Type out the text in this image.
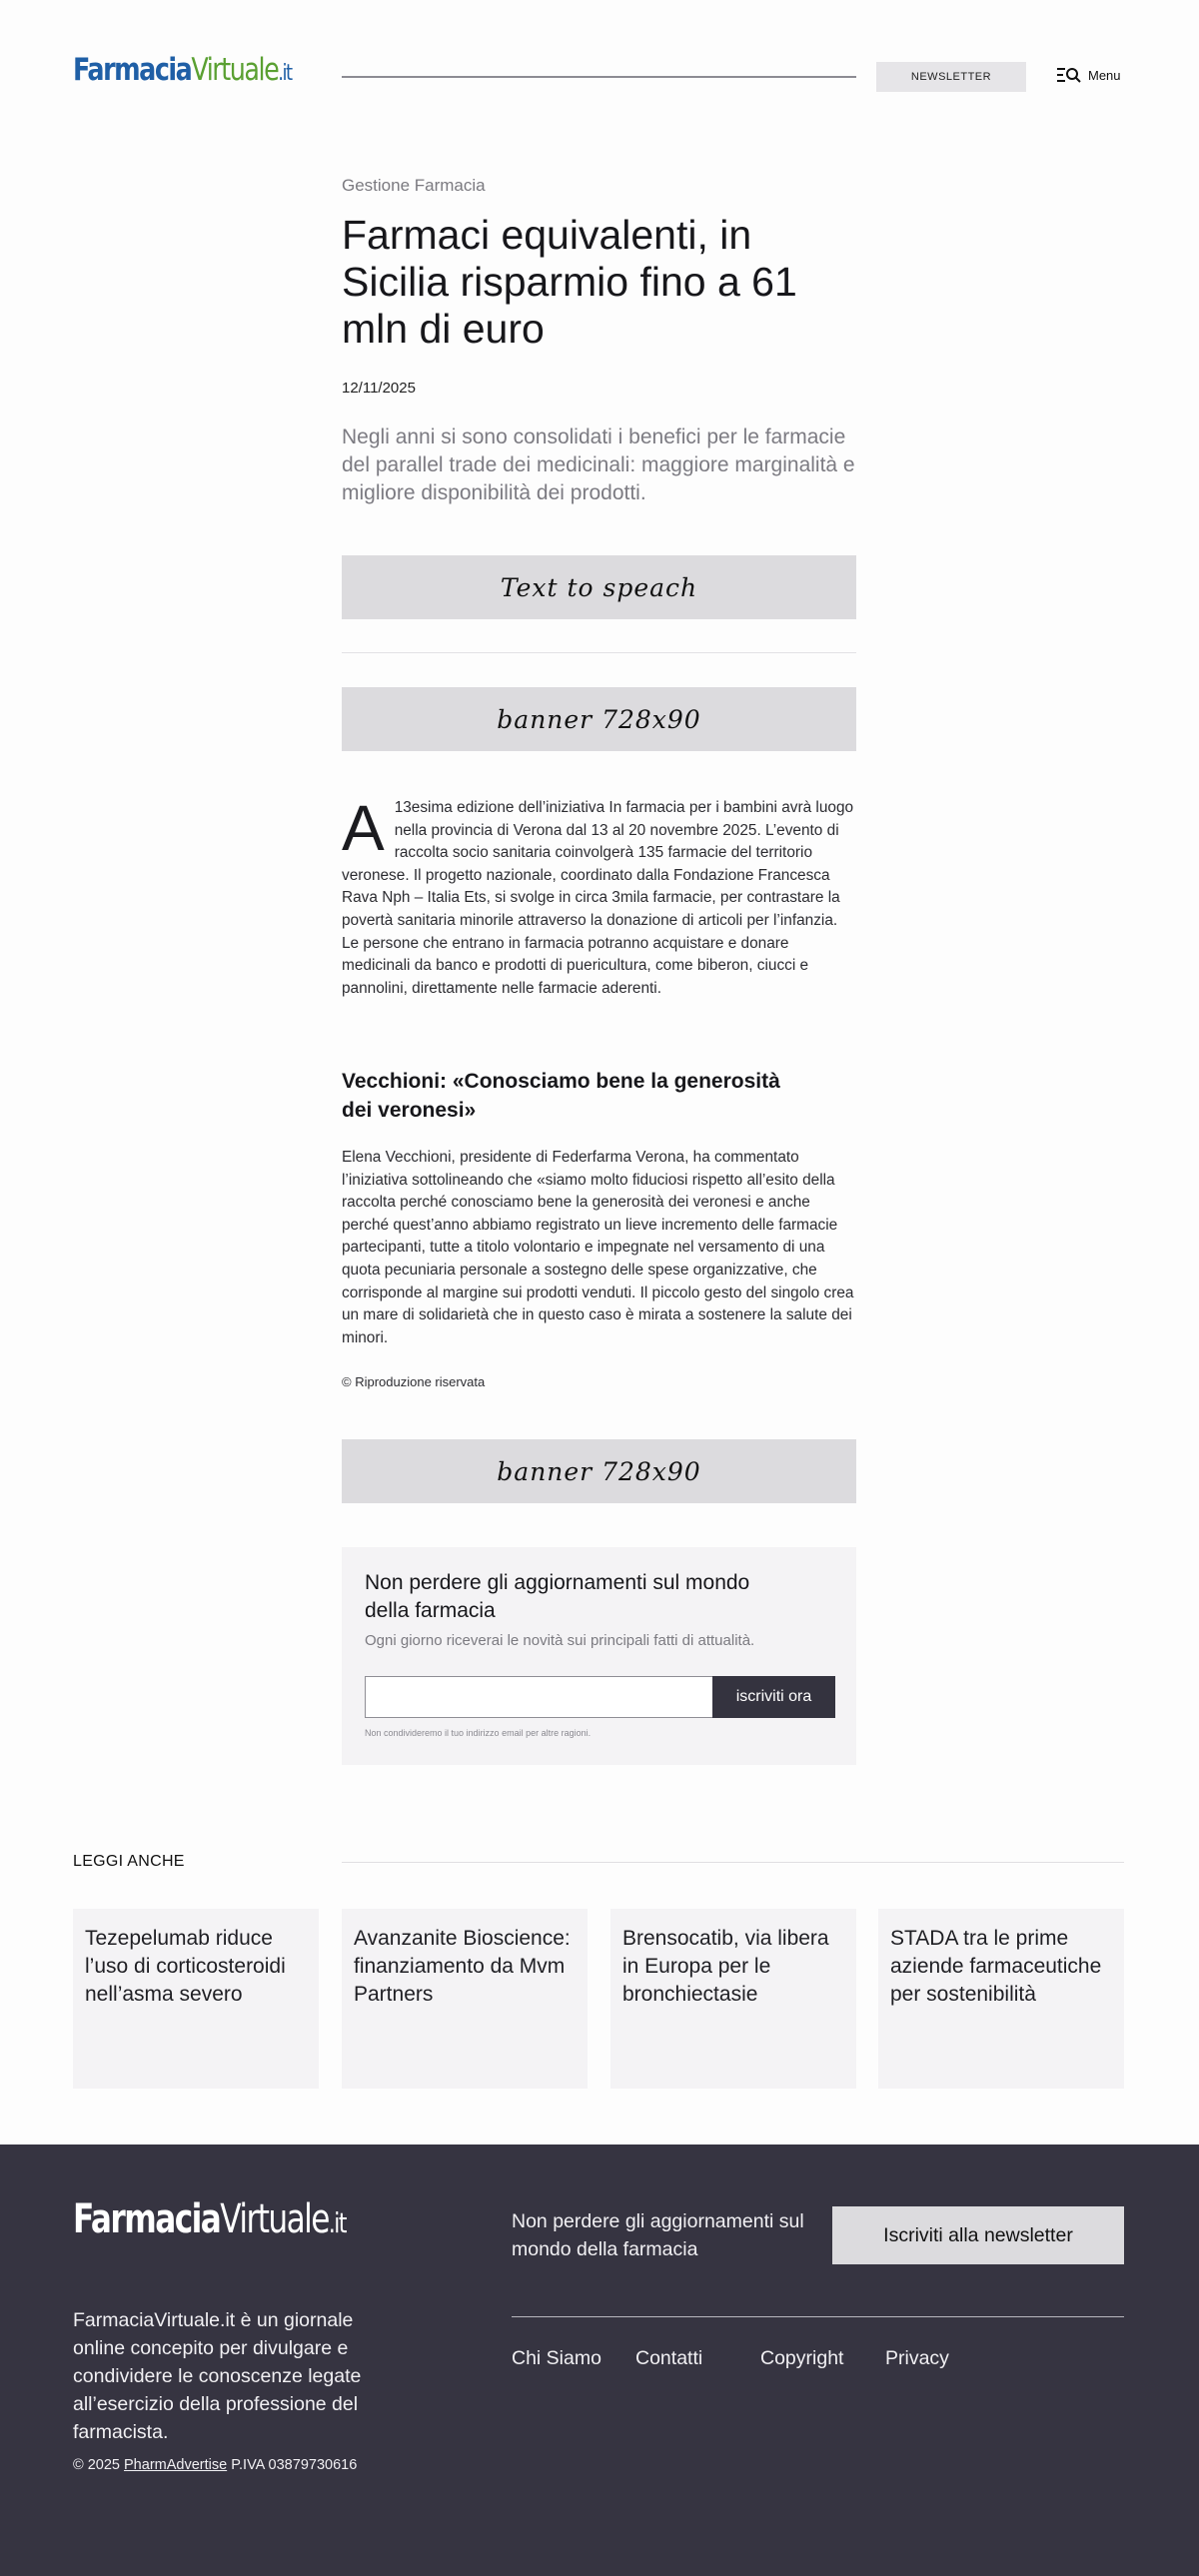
FarmaciaVirtuale.it	NEWSLETTER	Menu
Gestione Farmacia
Farmaci equivalenti, in Sicilia risparmio fino a 61 mln di euro
12/11/2025

Negli anni si sono consolidati i benefici per le farmacie del parallel trade dei medicinali: maggiore marginalità e migliore disponibilità dei prodotti.

Text to speach
banner 728x90
A 13esima edizione dell’iniziativa In farmacia per i bambini avrà luogo nella provincia di Verona dal 13 al 20 novembre 2025. L’evento di raccolta socio sanitaria coinvolgerà 135 farmacie del territorio veronese. Il progetto nazionale, coordinato dalla Fondazione Francesca Rava Nph – Italia Ets, si svolge in circa 3mila farmacie, per contrastare la povertà sanitaria minorile attraverso la donazione di articoli per l’infanzia. Le persone che entrano in farmacia potranno acquistare e donare medicinali da banco e prodotti di puericultura, come biberon, ciucci e pannolini, direttamente nelle farmacie aderenti.
Vecchioni: «Conosciamo bene la generosità dei veronesi»

Elena Vecchioni, presidente di Federfarma Verona, ha commentato l’iniziativa sottolineando che «siamo molto fiduciosi rispetto all’esito della raccolta perché conosciamo bene la generosità dei veronesi e anche perché quest’anno abbiamo registrato un lieve incremento delle farmacie partecipanti, tutte a titolo volontario e impegnate nel versamento di una quota pecuniaria personale a sostegno delle spese organizzative, che corrisponde al margine sui prodotti venduti. Il piccolo gesto del singolo crea un mare di solidarietà che in questo caso è mirata a sostenere la salute dei minori.

© Riproduzione riservata
banner 728x90
Non perdere gli aggiornamenti sul mondo della farmacia
Ogni giorno riceverai le novità sui principali fatti di attualità.
iscriviti ora
Non condivideremo il tuo indirizzo email per altre ragioni.
LEGGI ANCHE
Tezepelumab riduce l’uso di corticosteroidi nell’asma severo
Avanzanite Bioscience: finanziamento da Mvm Partners
Brensocatib, via libera in Europa per le bronchiectasie
STADA tra le prime aziende farmaceutiche per sostenibilità
FarmaciaVirtuale.it

FarmaciaVirtuale.it è un giornale online concepito per divulgare e condividere le conoscenze legate all’esercizio della professione del farmacista.

Non perdere gli aggiornamenti sul mondo della farmacia
Iscriviti alla newsletter
Chi Siamo Contatti	Copyright Privacy
© 2025 PharmAdvertise P.IVA 03879730616
